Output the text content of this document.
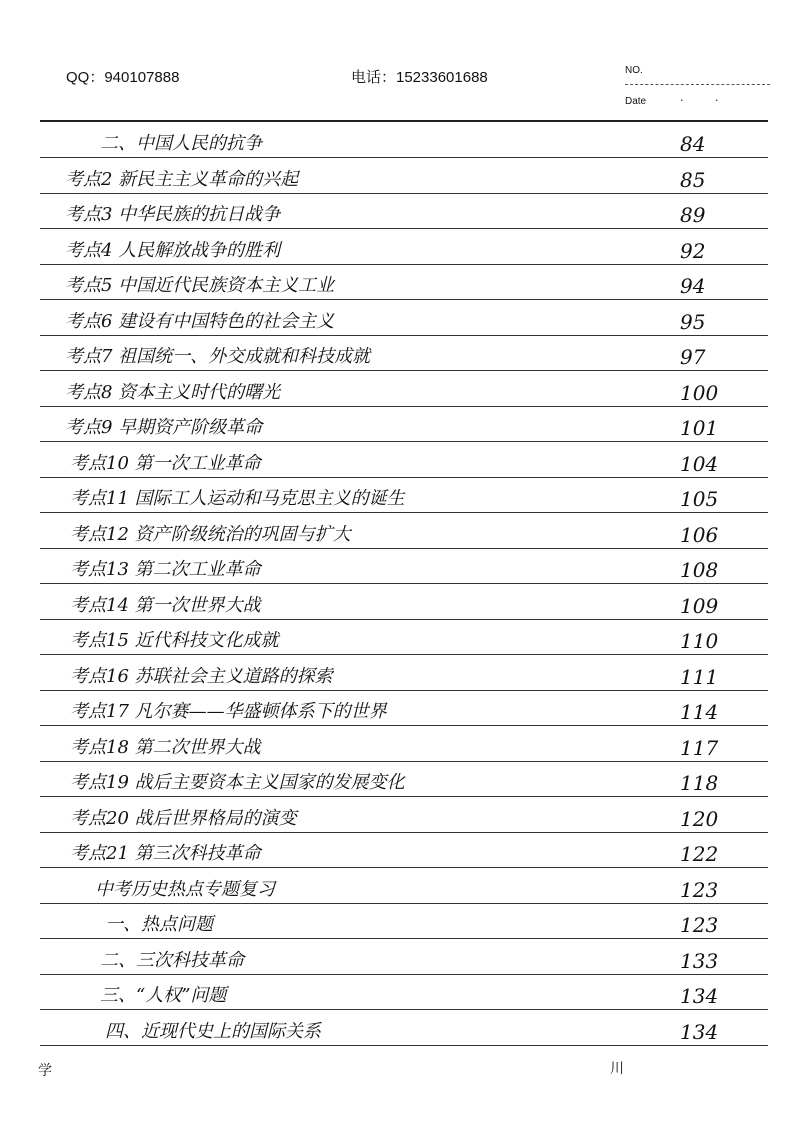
QQ：940107888	电话：15233601688	NO.
Date	· ·
二、中国人民的抗争	84
考点2 新民主主义革命的兴起	85
考点3 中华民族的抗日战争	89
考点4 人民解放战争的胜利	92
考点5 中国近代民族资本主义工业	94
考点6 建设有中国特色的社会主义	95
考点7 祖国统一、外交成就和科技成就	97
考点8 资本主义时代的曙光	100
考点9 早期资产阶级革命	101
考点10 第一次工业革命	104
考点11 国际工人运动和马克思主义的诞生	105
考点12 资产阶级统治的巩固与扩大	106
考点13 第二次工业革命	108
考点14 第一次世界大战	109
考点15 近代科技文化成就	110
考点16 苏联社会主义道路的探索	111
考点17 凡尔赛——华盛顿体系下的世界	114
考点18 第二次世界大战	117
考点19 战后主要资本主义国家的发展变化	118
考点20 战后世界格局的演变	120
考点21 第三次科技革命	122
中考历史热点专题复习	123
一、热点问题	123
二、三次科技革命	133
三、“人权”问题	134
四、近现代史上的国际关系	134
学	川
